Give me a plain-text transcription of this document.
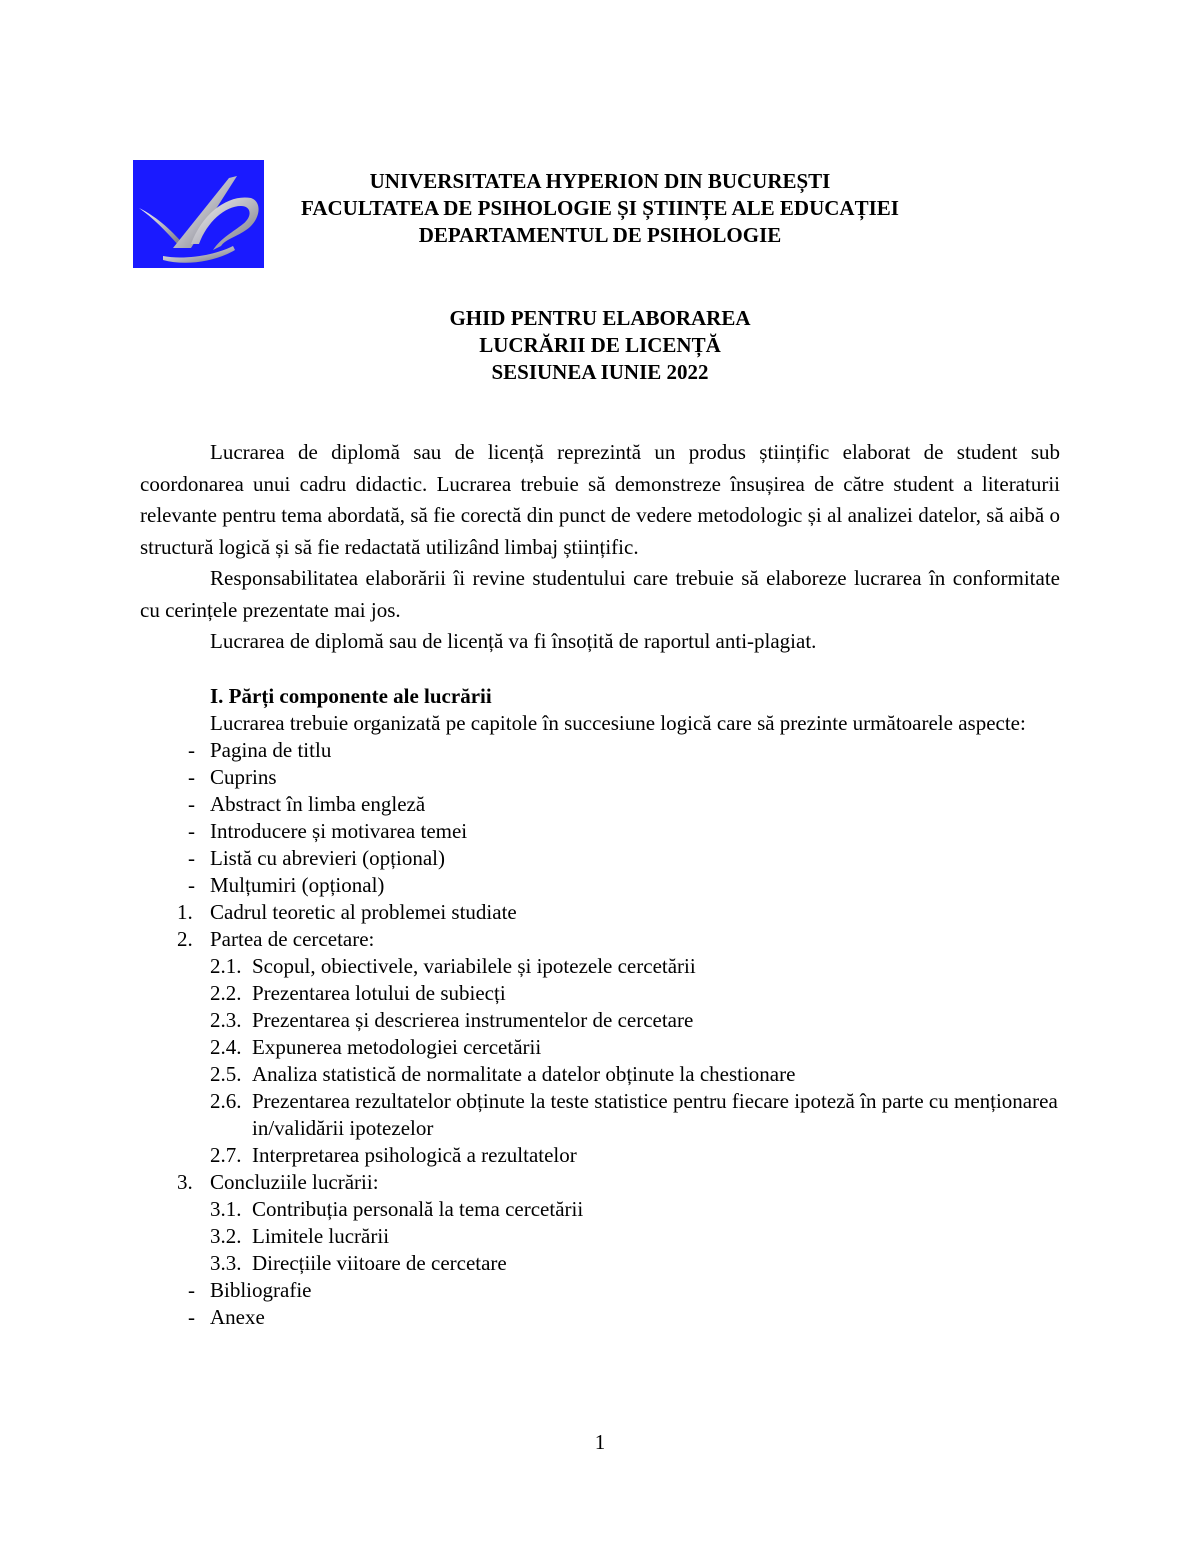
UNIVERSITATEA HYPERION DIN BUCUREȘTI
FACULTATEA DE PSIHOLOGIE ȘI ȘTIINȚE ALE EDUCAȚIEI
DEPARTAMENTUL DE PSIHOLOGIE
GHID PENTRU ELABORAREA
LUCRĂRII DE LICENȚĂ
SESIUNEA IUNIE 2022

Lucrarea de diplomă sau de licență reprezintă un produs științific elaborat de student sub coordonarea unui cadru didactic. Lucrarea trebuie să demonstreze însușirea de către student a literaturii relevante pentru tema abordată, să fie corectă din punct de vedere metodologic și al analizei datelor, să aibă o structură logică și să fie redactată utilizând limbaj științific.

Responsabilitatea elaborării îi revine studentului care trebuie să elaboreze lucrarea în conformitate cu cerințele prezentate mai jos.

Lucrarea de diplomă sau de licență va fi însoțită de raportul anti-plagiat.

I. Părți componente ale lucrării

Lucrarea trebuie organizată pe capitole în succesiune logică care să prezinte următoarele aspecte:

- Pagina de titlu
- Cuprins
- Abstract în limba engleză
- Introducere și motivarea temei
- Listă cu abrevieri (opțional)
- Mulțumiri (opțional)
1. Cadrul teoretic al problemei studiate
2. Partea de cercetare:
2.1. Scopul, obiectivele, variabilele și ipotezele cercetării
2.2. Prezentarea lotului de subiecți
2.3. Prezentarea și descrierea instrumentelor de cercetare
2.4. Expunerea metodologiei cercetării
2.5. Analiza statistică de normalitate a datelor obținute la chestionare
2.6. Prezentarea rezultatelor obținute la teste statistice pentru fiecare ipoteză în parte cu menționarea in/validării ipotezelor
2.7. Interpretarea psihologică a rezultatelor
3. Concluziile lucrării:
3.1. Contribuția personală la tema cercetării
3.2. Limitele lucrării
3.3. Direcțiile viitoare de cercetare
- Bibliografie
- Anexe
1
